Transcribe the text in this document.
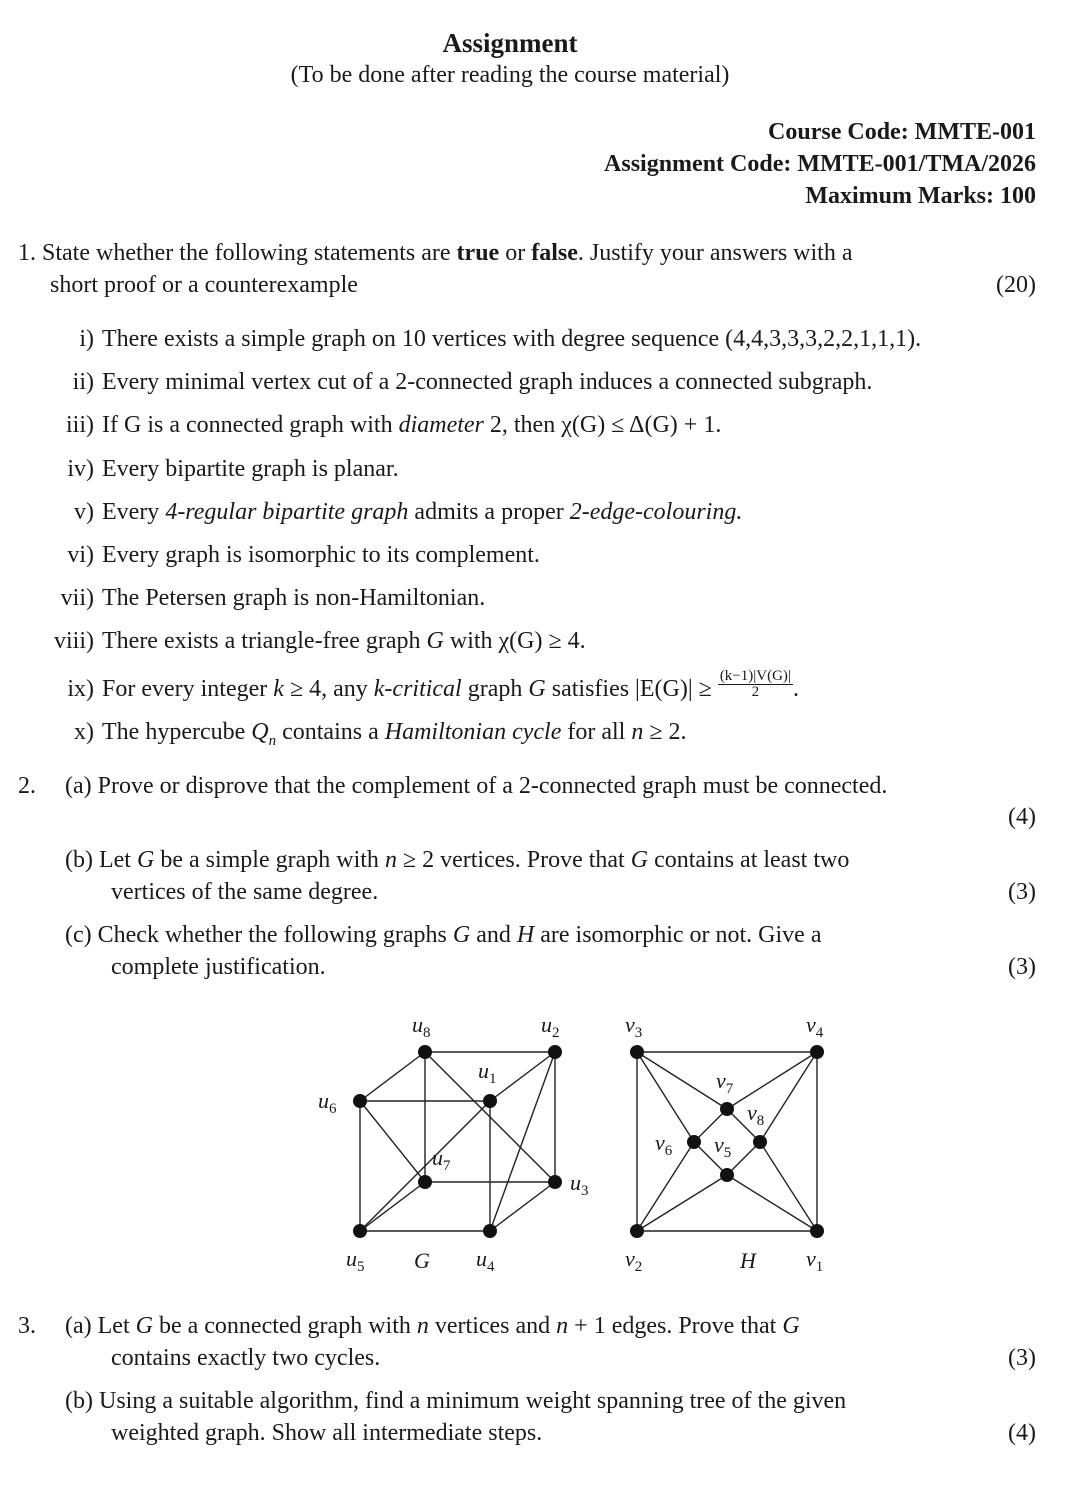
Assignment
(To be done after reading the course material)
Course Code: MMTE-001
Assignment Code: MMTE-001/TMA/2026
Maximum Marks: 100
1. State whether the following statements are true or false. Justify your answers with a
short proof or a counterexample	(20)
i) There exists a simple graph on 10 vertices with degree sequence (4,4,3,3,3,2,2,1,1,1).
ii) Every minimal vertex cut of a 2-connected graph induces a connected subgraph.
iii) If G is a connected graph with diameter 2, then χ(G) ≤ Δ(G) + 1.
iv) Every bipartite graph is planar.
v) Every 4-regular bipartite graph admits a proper 2-edge-colouring.
vi) Every graph is isomorphic to its complement.
vii) The Petersen graph is non-Hamiltonian.
viii) There exists a triangle-free graph G with χ(G) ≥ 4.
ix) For every integer k ≥ 4, any k-critical graph G satisfies $|E(G)| \ge \frac{(k-1)|V(G)|}{2}$ .
x) The hypercube $Q_n$ contains a Hamiltonian cycle for all n ≥ 2.
2. (a) Prove or disprove that the complement of a 2-connected graph must be connected.
(4)
(b) Let G be a simple graph with n ≥ 2 vertices. Prove that G contains at least two
vertices of the same degree.	(3)
(c) Check whether the following graphs G and H are isomorphic or not. Give a
complete justification.	(3)
$u_1$
$u_2$
$u_3$
$u_4$
$u_5$
$u_6$
$u_7$
$u_8$
G	$v_1$
$v_2$
$v_3$	$v_4$
$v_5$
$v_6$
$v_7$
$v_8$
H
3. (a) Let G be a connected graph with n vertices and n + 1 edges. Prove that G
contains exactly two cycles.	(3)
(b) Using a suitable algorithm, find a minimum weight spanning tree of the given
weighted graph. Show all intermediate steps.	(4)
